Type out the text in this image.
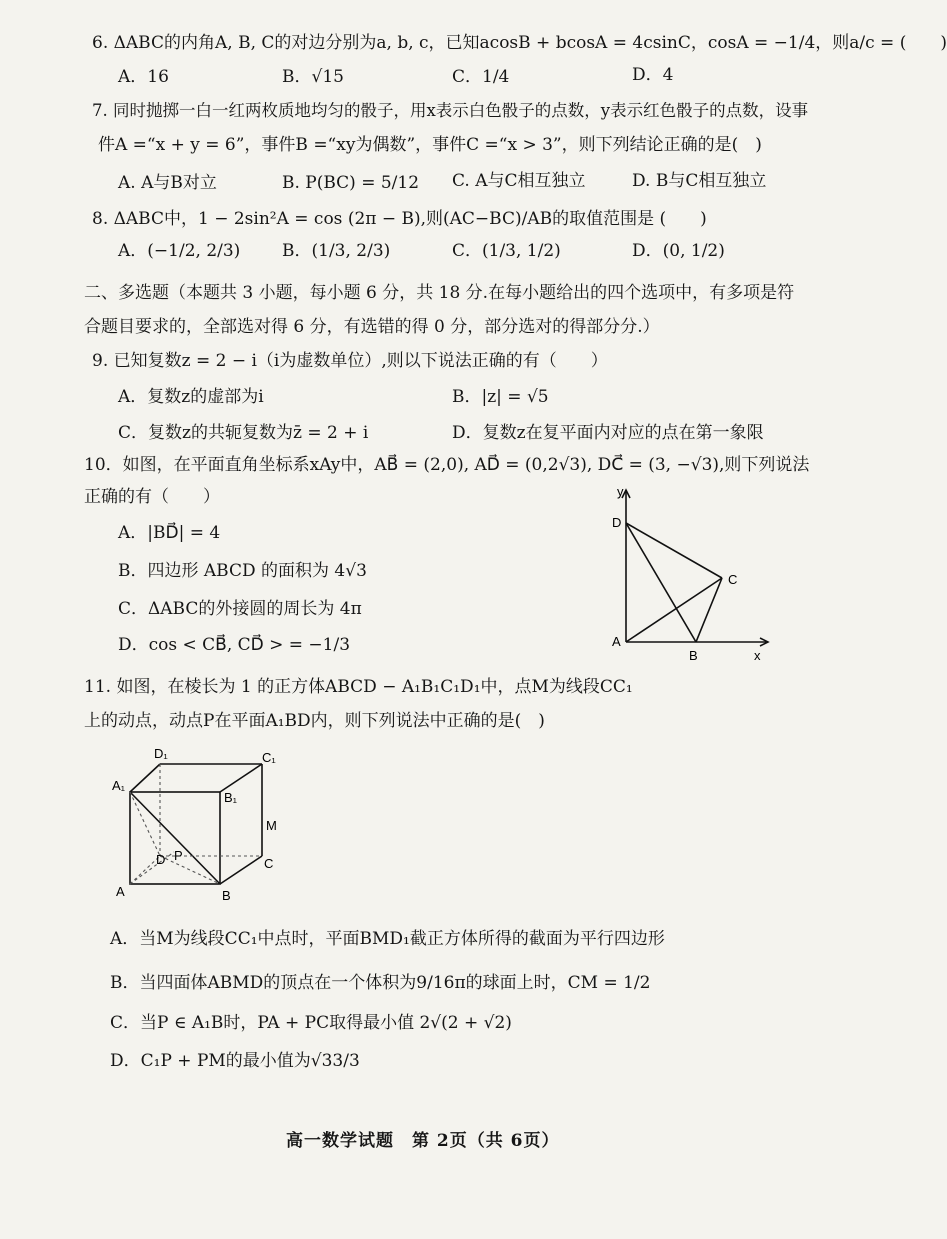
6. ΔABC的内角A, B, C的对边分别为a, b, c，已知acosB + bcosA = 4csinC，cosA = −1/4，则a/c = (　　)
A．16	B．√15	C．1/4	D．4
7. 同时抛掷一白一红两枚质地均匀的骰子，用x表示白色骰子的点数，y表示红色骰子的点数，设事
件A =“x + y = 6”，事件B =“xy为偶数”，事件C =“x > 3”，则下列结论正确的是(　)
A. A与B对立	B. P(BC) = 5/12 C. A与C相互独立	D. B与C相互独立
8. ΔABC中，1 − 2sin²A = cos (2π − B),则(AC−BC)/AB的取值范围是 (　　)
A．(−1/2, 2/3) B．(1/3, 2/3)	C．(1/3, 1/2)	D．(0, 1/2)
二、多选题（本题共 3 小题，每小题 6 分，共 18 分.在每小题给出的四个选项中，有多项是符
合题目要求的，全部选对得 6 分，有选错的得 0 分，部分选对的得部分分.）
9. 已知复数z = 2 − i（i为虚数单位）,则以下说法正确的有（　　）
A．复数z的虚部为i	B．|z| = √5
C．复数z的共轭复数为z̄ = 2 + i	D．复数z在复平面内对应的点在第一象限
10．如图，在平面直角坐标系xAy中，AB⃗ = (2,0), AD⃗ = (0,2√3), DC⃗ = (3, −√3),则下列说法
正确的有（　　）
A．|BD⃗| = 4
B．四边形 ABCD 的面积为 4√3
C．ΔABC的外接圆的周长为 4π
D．cos < CB⃗, CD⃗ > = −1/3
y
D
C
A
B	x
11. 如图，在棱长为 1 的正方体ABCD − A₁B₁C₁D₁中，点M为线段CC₁
上的动点，动点P在平面A₁BD内，则下列说法中正确的是(　)
D₁	C₁
A₁
B₁
M
D P
C
A	B
A．当M为线段CC₁中点时，平面BMD₁截正方体所得的截面为平行四边形
B．当四面体ABMD的顶点在一个体积为9/16π的球面上时，CM = 1/2
C．当P ∈ A₁B时，PA + PC取得最小值 2√(2 + √2)
D．C₁P + PM的最小值为√33/3
高一数学试题　第 2页（共 6页）
